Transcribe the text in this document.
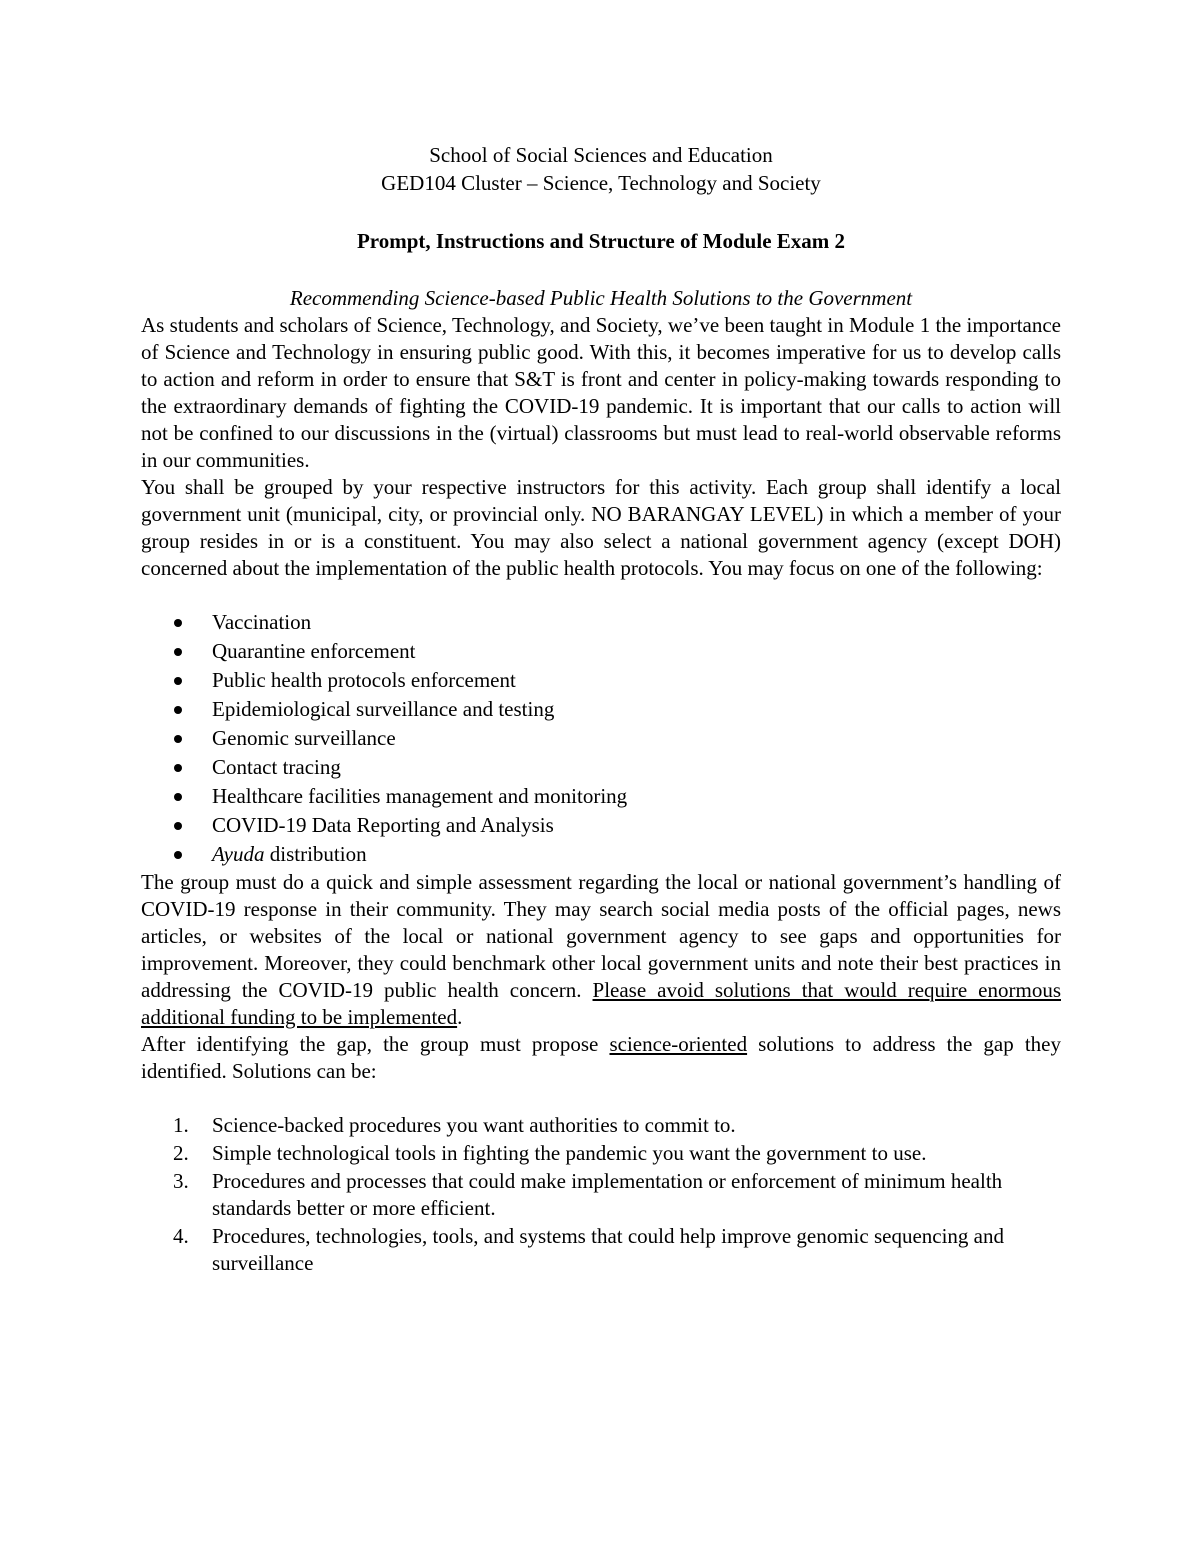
School of Social Sciences and Education
GED104 Cluster – Science, Technology and Society
Prompt, Instructions and Structure of Module Exam 2
Recommending Science-based Public Health Solutions to the Government

As students and scholars of Science, Technology, and Society, we’ve been taught in Module 1 the importance of Science and Technology in ensuring public good. With this, it becomes imperative for us to develop calls to action and reform in order to ensure that S&T is front and center in policy-making towards responding to the extraordinary demands of fighting the COVID-19 pandemic. It is important that our calls to action will not be confined to our discussions in the (virtual) classrooms but must lead to real-world observable reforms in our communities.

You shall be grouped by your respective instructors for this activity. Each group shall identify a local government unit (municipal, city, or provincial only. NO BARANGAY LEVEL) in which a member of your group resides in or is a constituent. You may also select a national government agency (except DOH) concerned about the implementation of the public health protocols. You may focus on one of the following:

Vaccination
Quarantine enforcement
Public health protocols enforcement
Epidemiological surveillance and testing
Genomic surveillance
Contact tracing
Healthcare facilities management and monitoring
COVID-19 Data Reporting and Analysis
Ayuda distribution

The group must do a quick and simple assessment regarding the local or national government’s handling of COVID-19 response in their community. They may search social media posts of the official pages, news articles, or websites of the local or national government agency to see gaps and opportunities for improvement. Moreover, they could benchmark other local government units and note their best practices in addressing the COVID-19 public health concern. Please avoid solutions that would require enormous additional funding to be implemented.

After identifying the gap, the group must propose science-oriented solutions to address the gap they identified. Solutions can be:

1. Science-backed procedures you want authorities to commit to.
2. Simple technological tools in fighting the pandemic you want the government to use.
3. Procedures and processes that could make implementation or enforcement of minimum health standards better or more efficient.
4. Procedures, technologies, tools, and systems that could help improve genomic sequencing and surveillance
